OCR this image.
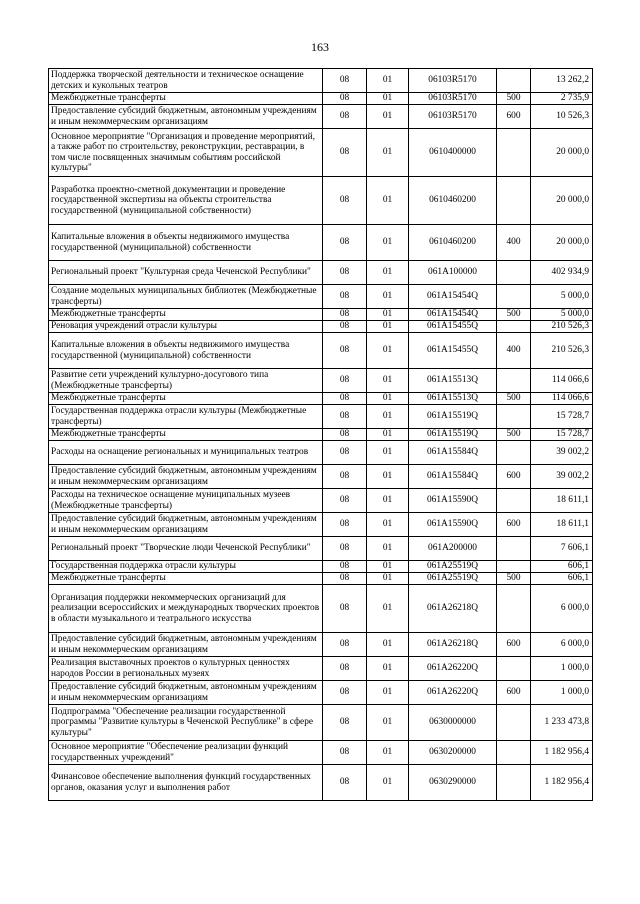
163
Поддержка творческой деятельности и техническое оснащение детских и кукольных театров	08	01	06103R5170		13 262,2
Межбюджетные трансферты	08	01	06103R5170	500	2 735,9
Предоставление субсидий бюджетным, автономным учреждениям и иным некоммерческим организациям	08	01	06103R5170	600	10 526,3
Основное мероприятие "Организация и проведение мероприятий, а также работ по строительству, реконструкции, реставрации, в том числе посвященных значимым событиям российской культуры"	08	01	0610400000		20 000,0
Разработка проектно-сметной документации и проведение государственной экспертизы на объекты строительства государственной (муниципальной собственности)	08	01	0610460200		20 000,0
Капитальные вложения в объекты недвижимого имущества государственной (муниципальной) собственности	08	01	0610460200	400	20 000,0
Региональный проект "Культурная среда Чеченской Республики"	08	01	061A100000		402 934,9
Создание модельных муниципальных библиотек (Межбюджетные трансферты)	08	01	061A15454Q		5 000,0
Межбюджетные трансферты	08	01	061A15454Q	500	5 000,0
Реновация учреждений отрасли культуры	08	01	061A15455Q		210 526,3
Капитальные вложения в объекты недвижимого имущества государственной (муниципальной) собственности	08	01	061A15455Q	400	210 526,3
Развитие сети учреждений культурно-досугового типа (Межбюджетные трансферты)	08	01	061A15513Q		114 066,6
Межбюджетные трансферты	08	01	061A15513Q	500	114 066,6
Государственная поддержка отрасли культуры (Межбюджетные трансферты)	08	01	061A15519Q		15 728,7
Межбюджетные трансферты	08	01	061A15519Q	500	15 728,7
Расходы на оснащение региональных и муниципальных театров	08	01	061A15584Q		39 002,2
Предоставление субсидий бюджетным, автономным учреждениям и иным некоммерческим организациям	08	01	061A15584Q	600	39 002,2
Расходы на техническое оснащение муниципальных музеев (Межбюджетные трансферты)	08	01	061A15590Q		18 611,1
Предоставление субсидий бюджетным, автономным учреждениям и иным некоммерческим организациям	08	01	061A15590Q	600	18 611,1
Региональный проект "Творческие люди Чеченской Республики"	08	01	061A200000		7 606,1
Государственная поддержка отрасли культуры	08	01	061A25519Q		606,1
Межбюджетные трансферты	08	01	061A25519Q	500	606,1
Организация поддержки некоммерческих организаций для реализации всероссийских и международных творческих проектов в области музыкального и театрального искусства	08	01	061A26218Q		6 000,0
Предоставление субсидий бюджетным, автономным учреждениям и иным некоммерческим организациям	08	01	061A26218Q	600	6 000,0
Реализация выставочных проектов о культурных ценностях народов России в региональных музеях	08	01	061A26220Q		1 000,0
Предоставление субсидий бюджетным, автономным учреждениям и иным некоммерческим организациям	08	01	061A26220Q	600	1 000,0
Подпрограмма "Обеспечение реализации государственной программы "Развитие культуры в Чеченской Республике" в сфере культуры"	08	01	0630000000		1 233 473,8
Основное мероприятие "Обеспечение реализации функций государственных учреждений"	08	01	0630200000		1 182 956,4
Финансовое обеспечение выполнения функций государственных органов, оказания услуг и выполнения работ	08	01	0630290000		1 182 956,4
